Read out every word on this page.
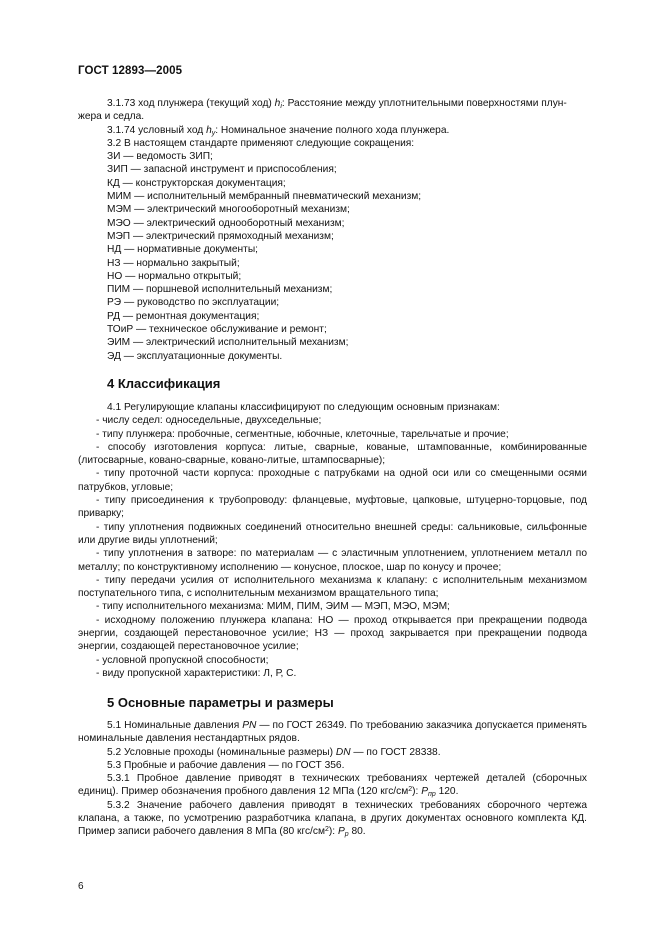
ГОСТ 12893—2005

3.1.73 ход плунжера (текущий ход) $h_i$: Расстояние между уплотнительными поверхностями плун-
жера и седла.

3.1.74 условный ход $h_y$: Номинальное значение полного хода плунжера.

3.2 В настоящем стандарте применяют следующие сокращения:

ЗИ — ведомость ЗИП;

ЗИП — запасной инструмент и приспособления;

КД — конструкторская документация;

МИМ — исполнительный мембранный пневматический механизм;

МЭМ — электрический многооборотный механизм;

МЭО — электрический однооборотный механизм;

МЭП — электрический прямоходный механизм;

НД — нормативные документы;

НЗ — нормально закрытый;

НО — нормально открытый;

ПИМ — поршневой исполнительный механизм;

РЭ — руководство по эксплуатации;

РД — ремонтная документация;

ТОиР — техническое обслуживание и ремонт;

ЭИМ — электрический исполнительный механизм;

ЭД — эксплуатационные документы.

4 Классификация

4.1 Регулирующие клапаны классифицируют по следующим основным признакам:

- числу седел: односедельные, двухседельные;

- типу плунжера: пробочные, сегментные, юбочные, клеточные, тарельчатые и прочие;

- способу изготовления корпуса: литые, сварные, кованые, штампованные, комбинированные (литосварные, ковано-сварные, ковано-литые, штампосварные);

- типу проточной части корпуса: проходные с патрубками на одной оси или со смещенными осями патрубков, угловые;

- типу присоединения к трубопроводу: фланцевые, муфтовые, цапковые, штуцерно-торцовые, под приварку;

- типу уплотнения подвижных соединений относительно внешней среды: сальниковые, сильфонные или другие виды уплотнений;

- типу уплотнения в затворе: по материалам — с эластичным уплотнением, уплотнением металл по металлу; по конструктивному исполнению — конусное, плоское, шар по конусу и прочее;

- типу передачи усилия от исполнительного механизма к клапану: с исполнительным механизмом поступательного типа, с исполнительным механизмом вращательного типа;

- типу исполнительного механизма: МИМ, ПИМ, ЭИМ — МЭП, МЭО, МЭМ;

- исходному положению плунжера клапана: НО — проход открывается при прекращении подвода энергии, создающей перестановочное усилие; НЗ — проход закрывается при прекращении подвода энергии, создающей перестановочное усилие;

- условной пропускной способности;

- виду пропускной характеристики: Л, Р, С.

5 Основные параметры и размеры

5.1 Номинальные давления PN — по ГОСТ 26349. По требованию заказчика допускается применять номинальные давления нестандартных рядов.

5.2 Условные проходы (номинальные размеры) DN — по ГОСТ 28338.

5.3 Пробные и рабочие давления — по ГОСТ 356.

5.3.1 Пробное давление приводят в технических требованиях чертежей деталей (сборочных единиц). Пример обозначения пробного давления 12 МПа (120 кгс/$см^2$): $P_{пр}$ 120.

5.3.2 Значение рабочего давления приводят в технических требованиях сборочного чертежа клапана, а также, по усмотрению разработчика клапана, в других документах основного комплекта КД. Пример записи рабочего давления 8 МПа (80 кгс/$см^2$): $P_р$ 80.

6
